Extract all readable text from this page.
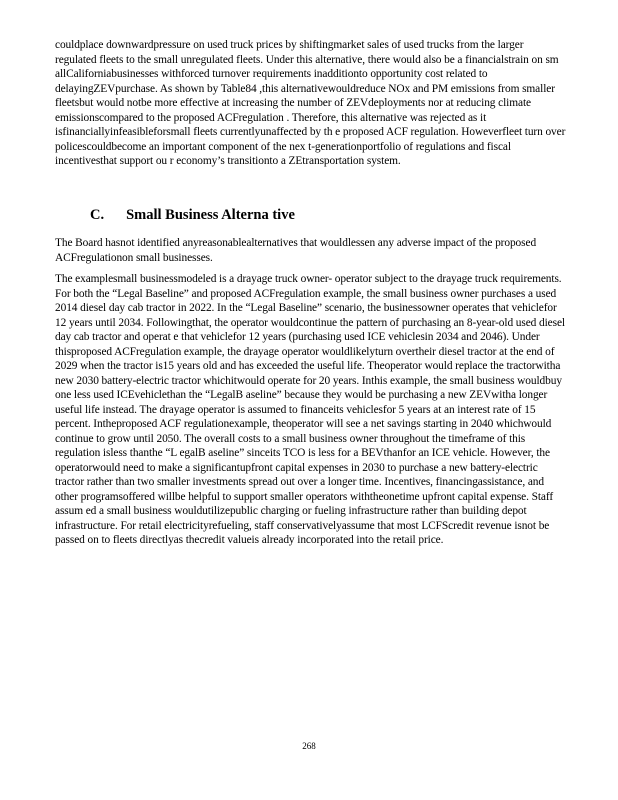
couldplace downwardpressure on used truck prices by shiftingmarket sales of used trucks from the larger regulated fleets to the small unregulated fleets. Under this alternative, there would also be a financialstrain on sm allCaliforniabusinesses withforced turnover requirements inadditionto opportunity cost related to delayingZEVpurchase. As shown by Table84 ,this alternativewouldreduce NOx and PM emissions from smaller fleetsbut would notbe more effective at increasing the number of ZEVdeployments nor at reducing climate emissionscompared to the proposed ACFregulation . Therefore, this alternative was rejected as it isfinanciallyinfeasibleforsmall fleets currentlyunaffected by th e proposed ACF regulation. Howeverfleet turn over policescouldbecome an important component of the nex t-generationportfolio of regulations and fiscal incentivesthat support ou r economy’s transitionto a ZEtransportation system.

C. Small Business Alterna tive

The Board hasnot identified anyreasonablealternatives that wouldlessen any adverse impact of the proposed ACFregulationon small businesses.

The examplesmall businessmodeled is a drayage truck owner- operator subject to the drayage truck requirements. For both the “Legal Baseline” and proposed ACFregulation example, the small business owner purchases a used 2014 diesel day cab tractor in 2022. In the “Legal Baseline” scenario, the businessowner operates that vehiclefor 12 years until 2034. Followingthat, the operator wouldcontinue the pattern of purchasing an 8-year-old used diesel day cab tractor and operat e that vehiclefor 12 years (purchasing used ICE vehiclesin 2034 and 2046). Under thisproposed ACFregulation example, the drayage operator wouldlikelyturn overtheir diesel tractor at the end of 2029 when the tractor is15 years old and has exceeded the useful life. Theoperator would replace the tractorwitha new 2030 battery-electric tractor whichitwould operate for 20 years. Inthis example, the small business wouldbuy one less used ICEvehiclethan the “LegalB aseline” because they would be purchasing a new ZEVwitha longer useful life instead. The drayage operator is assumed to financeits vehiclesfor 5 years at an interest rate of 15 percent. Intheproposed ACF regulationexample, theoperator will see a net savings starting in 2040 whichwould continue to grow until 2050. The overall costs to a small business owner throughout the timeframe of this regulation isless thanthe “L egalB aseline” sinceits TCO is less for a BEVthanfor an ICE vehicle. However, the operatorwould need to make a significantupfront capital expenses in 2030 to purchase a new battery-electric tractor rather than two smaller investments spread out over a longer time. Incentives, financingassistance, and other programsoffered willbe helpful to support smaller operators withtheonetime upfront capital expense. Staff assum ed a small business wouldutilizepublic charging or fueling infrastructure rather than building depot infrastructure. For retail electricityrefueling, staff conservativelyassume that most LCFScredit revenue isnot be passed on to fleets directlyas thecredit valueis already incorporated into the retail price.

268
